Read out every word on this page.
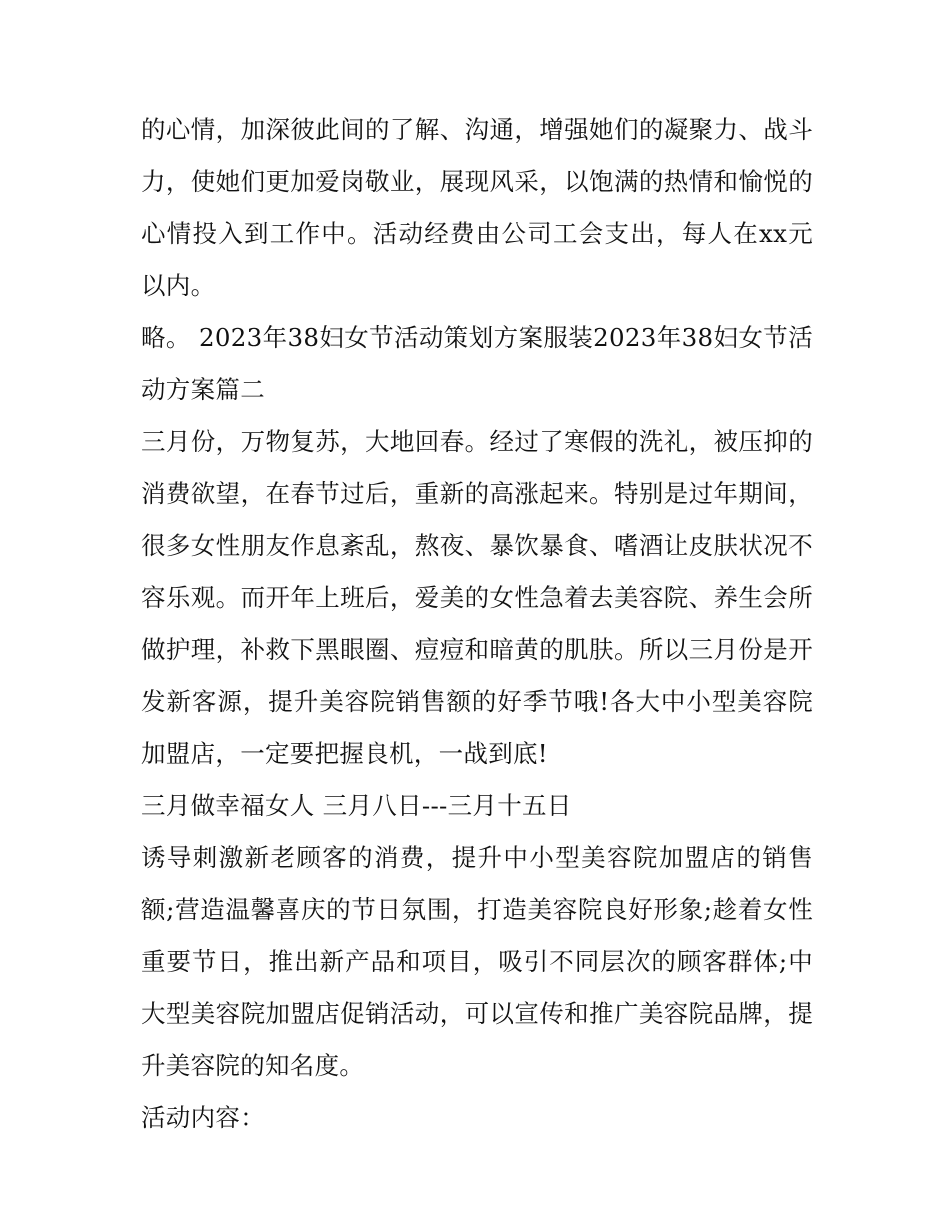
的心情，加深彼此间的了解、沟通，增强她们的凝聚力、战斗力，使她们更加爱岗敬业，展现风采，以饱满的热情和愉悦的心情投入到工作中。活动经费由公司工会支出，每人在xx元以内。

略。 2023年38妇女节活动策划方案服装2023年38妇女节活动方案篇二

三月份，万物复苏，大地回春。经过了寒假的洗礼，被压抑的消费欲望，在春节过后，重新的高涨起来。特别是过年期间，很多女性朋友作息紊乱，熬夜、暴饮暴食、嗜酒让皮肤状况不容乐观。而开年上班后，爱美的女性急着去美容院、养生会所做护理，补救下黑眼圈、痘痘和暗黄的肌肤。所以三月份是开发新客源，提升美容院销售额的好季节哦!各大中小型美容院加盟店，一定要把握良机，一战到底!

三月做幸福女人 三月八日---三月十五日

诱导刺激新老顾客的消费，提升中小型美容院加盟店的销售额;营造温馨喜庆的节日氛围，打造美容院良好形象;趁着女性重要节日，推出新产品和项目，吸引不同层次的顾客群体;中大型美容院加盟店促销活动，可以宣传和推广美容院品牌，提升美容院的知名度。

活动内容：
